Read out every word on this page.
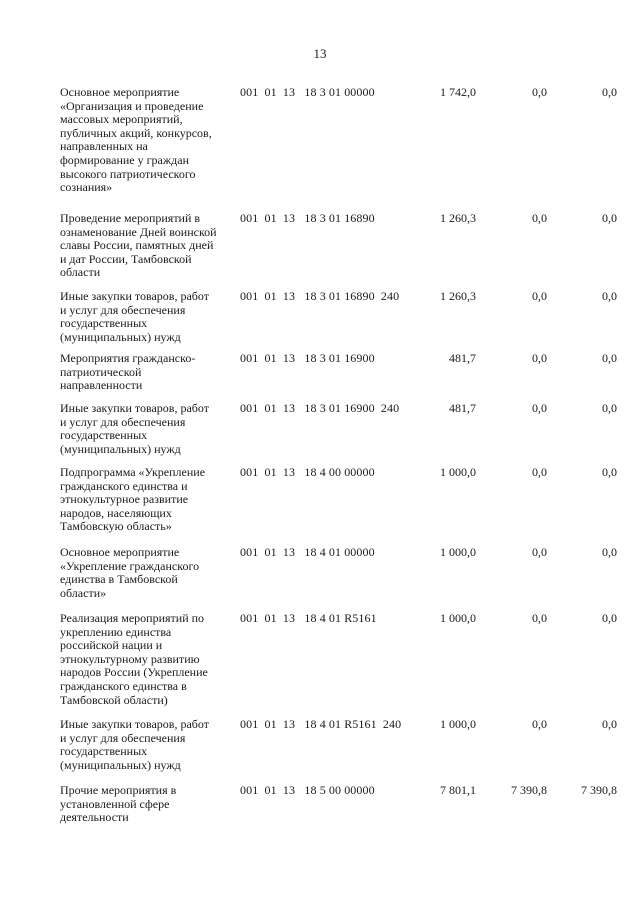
13
Основное мероприятие
«Организация и проведение
массовых мероприятий,
публичных акций, конкурсов,
направленных на
формирование у граждан
высокого патриотического
сознания»
001  01  13   18 3 01 00000	1 742,0	0,0	0,0
Проведение мероприятий в
ознаменование Дней воинской
славы России, памятных дней
и дат России, Тамбовской
области
001  01  13   18 3 01 16890	1 260,3	0,0	0,0
Иные закупки товаров, работ
и услуг для обеспечения
государственных
(муниципальных) нужд
001  01  13   18 3 01 16890  240	1 260,3	0,0	0,0
Мероприятия гражданско-
патриотической
направленности
001  01  13   18 3 01 16900	481,7	0,0	0,0
Иные закупки товаров, работ
и услуг для обеспечения
государственных
(муниципальных) нужд
001  01  13   18 3 01 16900  240	481,7	0,0	0,0
Подпрограмма «Укрепление
гражданского единства и
этнокультурное развитие
народов, населяющих
Тамбовскую область»
001  01  13   18 4 00 00000	1 000,0	0,0	0,0
Основное мероприятие
«Укрепление гражданского
единства в Тамбовской
области»
001  01  13   18 4 01 00000	1 000,0	0,0	0,0
Реализация мероприятий по
укреплению единства
российской нации и
этнокультурному развитию
народов России (Укрепление
гражданского единства в
Тамбовской области)
001  01  13   18 4 01 R5161	1 000,0	0,0	0,0
Иные закупки товаров, работ
и услуг для обеспечения
государственных
(муниципальных) нужд
001  01  13   18 4 01 R5161  240	1 000,0	0,0	0,0
Прочие мероприятия в
установленной сфере
деятельности
001  01  13   18 5 00 00000	7 801,1	7 390,8	7 390,8
